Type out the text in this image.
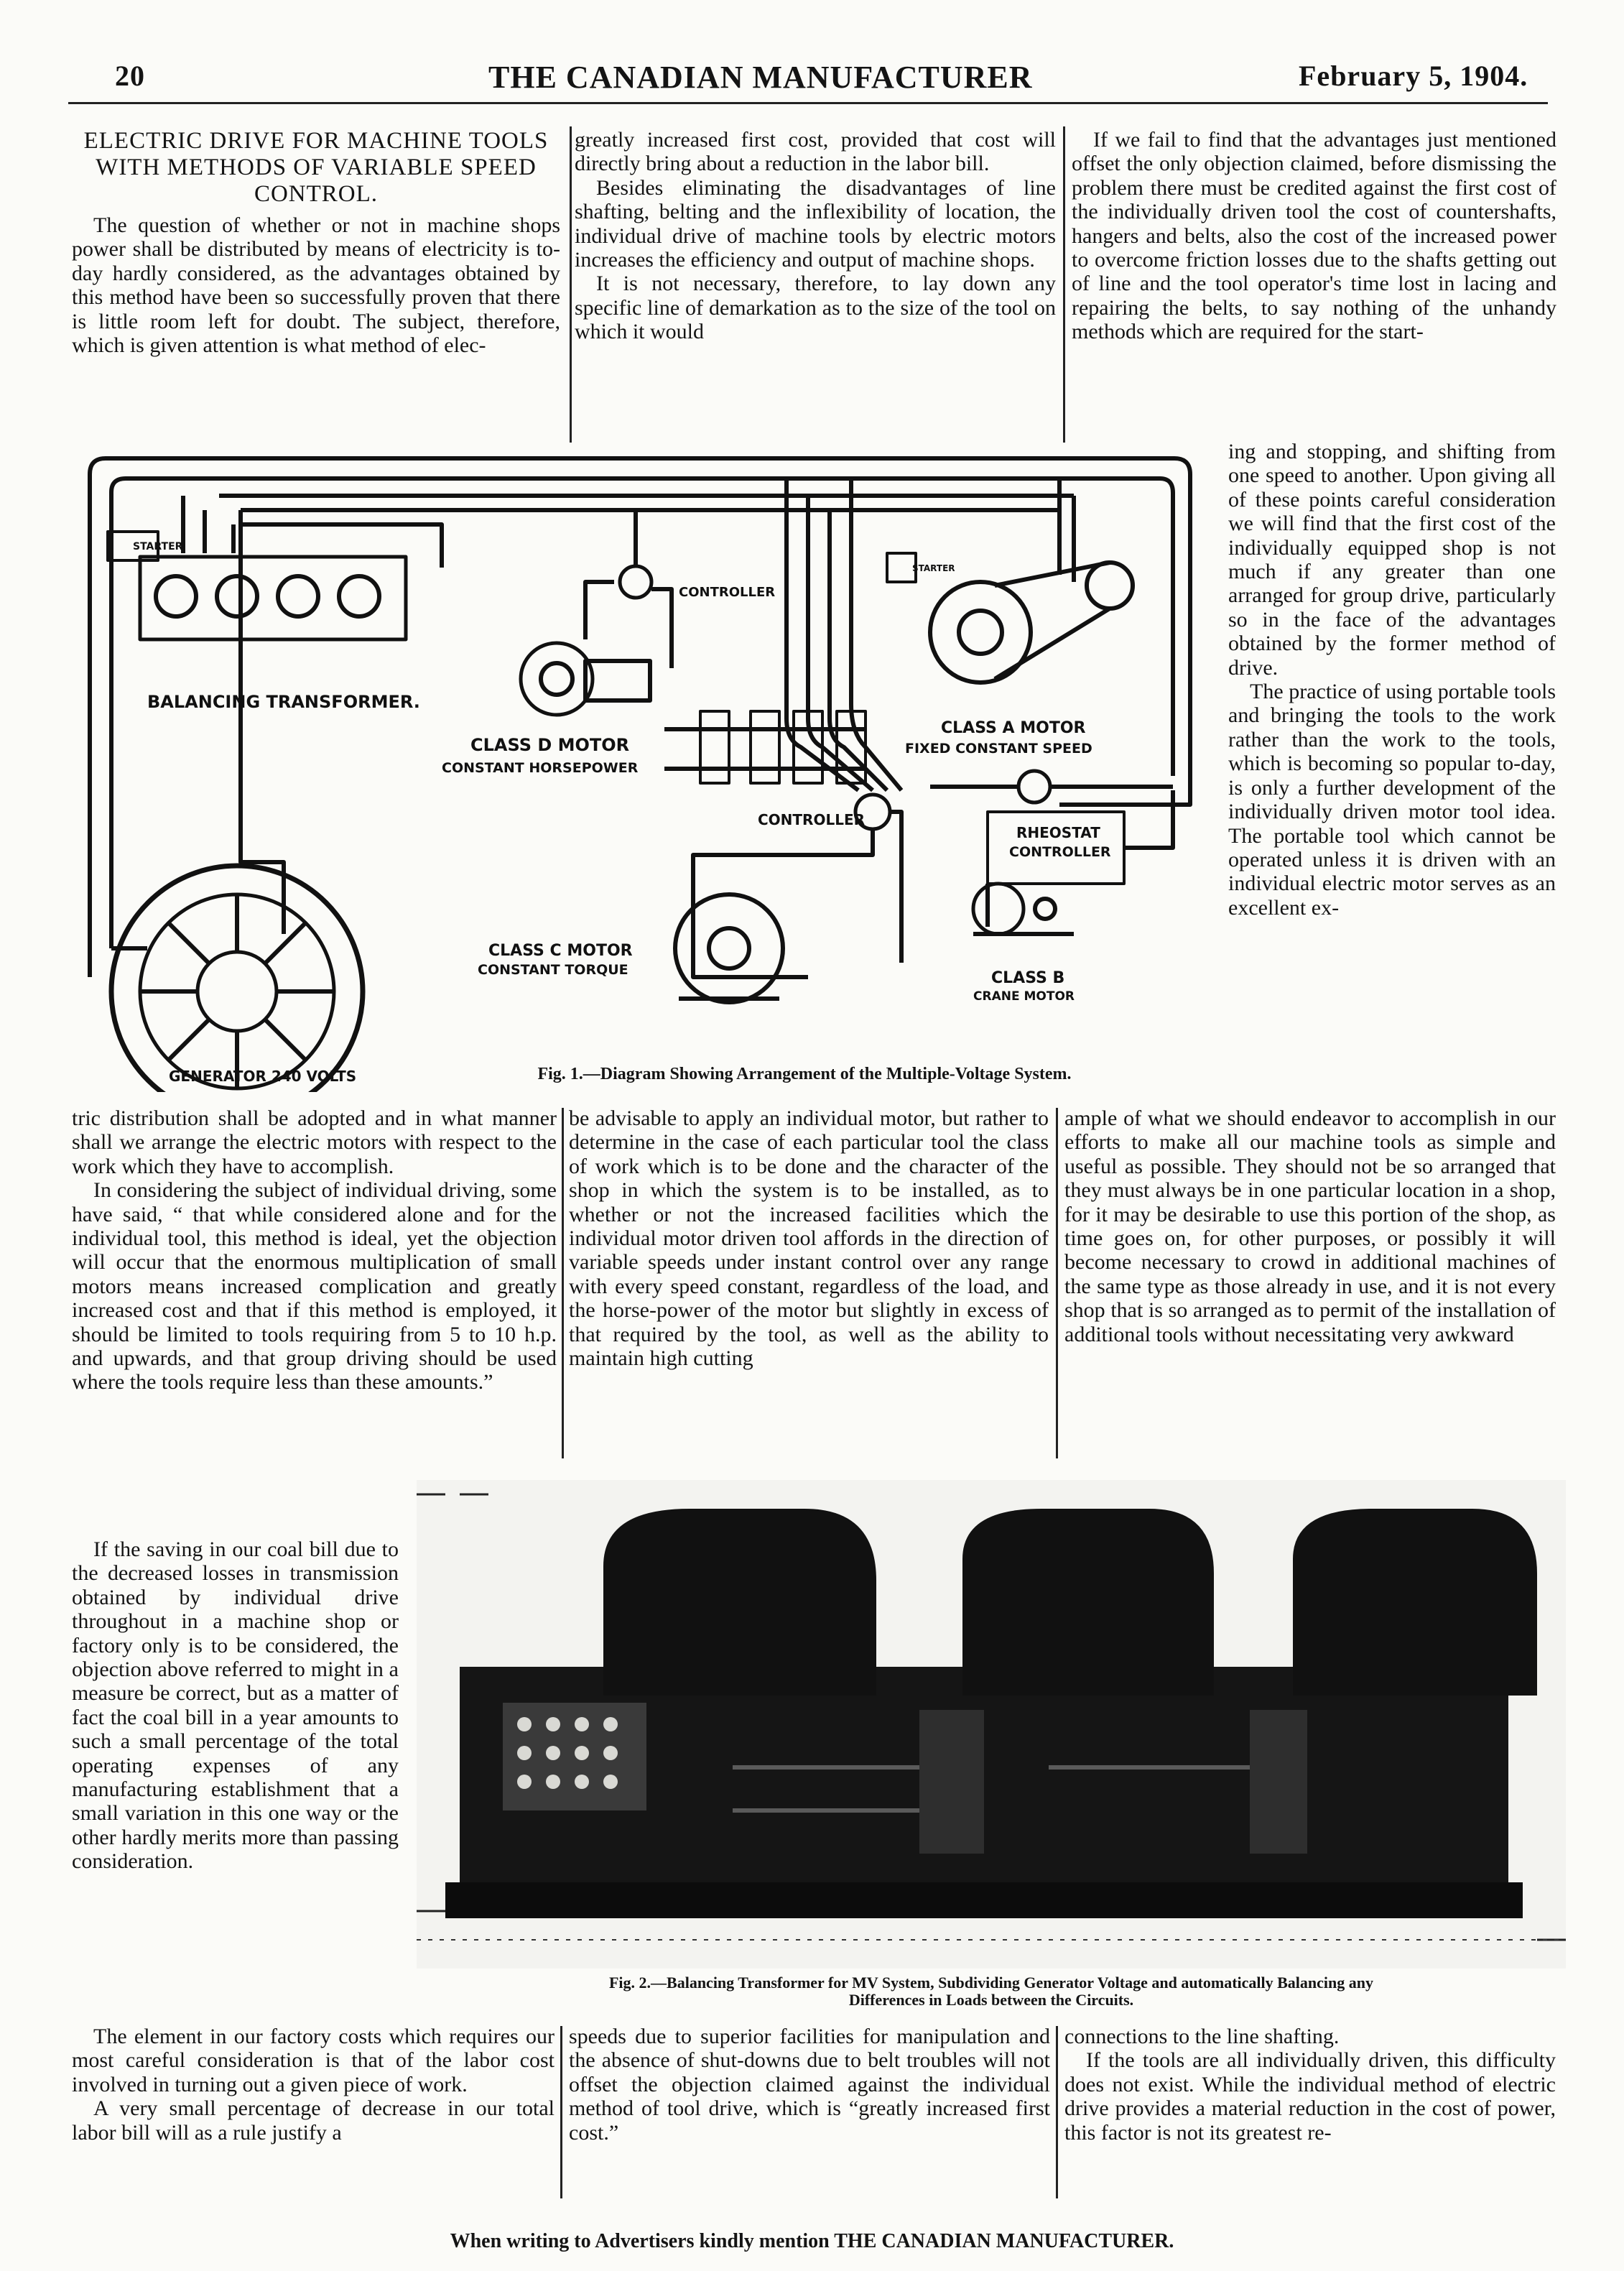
20	THE CANADIAN MANUFACTURER	February 5, 1904.
ELECTRIC DRIVE FOR MACHINE TOOLS WITH METHODS OF VARIABLE SPEED CONTROL.

The question of whether or not in machine shops power shall be distributed by means of electricity is to-day hardly considered, as the advantages obtained by this method have been so successfully proven that there is little room left for doubt. The subject, therefore, which is given attention is what method of elec-

greatly increased first cost, provided that cost will directly bring about a reduction in the labor bill.

Besides eliminating the disadvantages of line shafting, belting and the inflexibility of location, the individual drive of machine tools by electric motors increases the efficiency and output of machine shops.

It is not necessary, therefore, to lay down any specific line of demarkation as to the size of the tool on which it would

If we fail to find that the advantages just mentioned offset the only objection claimed, before dismissing the problem there must be credited against the first cost of the individually driven tool the cost of countershafts, hangers and belts, also the cost of the increased power to overcome friction losses due to the shafts getting out of line and the tool operator's time lost in lacing and repairing the belts, to say nothing of the unhandy methods which are required for the start-

ing and stopping, and shifting from one speed to another. Upon giving all of these points careful consideration we will find that the first cost of the individually equipped shop is not much if any greater than one arranged for group drive, particularly so in the face of the advantages obtained by the former method of drive.

The practice of using portable tools and bringing the tools to the work rather than the work to the tools, which is becoming so popular to-day, is only a further development of the individually driven motor tool idea. The portable tool which cannot be operated unless it is driven with an individual electric motor serves as an excellent ex-

STARTER
BALANCING TRANSFORMER.
CONTROLLER
STARTER
CLASS D MOTOR
CONSTANT HORSEPOWER
CLASS A MOTOR
FIXED CONSTANT SPEED
CONTROLLER
RHEOSTAT
CONTROLLER
CLASS C MOTOR
CONSTANT TORQUE	CLASS B
CRANE MOTOR
GENERATOR 240 VOLTS	Fig. 1.—Diagram Showing Arrangement of the Multiple-Voltage System.

tric distribution shall be adopted and in what manner shall we arrange the electric motors with respect to the work which they have to accomplish.

In considering the subject of individual driving, some have said, “ that while considered alone and for the individual tool, this method is ideal, yet the objection will occur that the enormous multiplication of small motors means increased complication and greatly increased cost and that if this method is employed, it should be limited to tools requiring from 5 to 10 h.p. and upwards, and that group driving should be used where the tools require less than these amounts.”

If the saving in our coal bill due to the decreased losses in transmission obtained by individual drive throughout in a machine shop or factory only is to be considered, the objection above referred to might in a measure be correct, but as a matter of fact the coal bill in a year amounts to such a small percentage of the total operating expenses of any manufacturing establishment that a small variation in this one way or the other hardly merits more than passing consideration.

be advisable to apply an individual motor, but rather to determine in the case of each particular tool the class of work which is to be done and the character of the shop in which the system is to be installed, as to whether or not the increased facilities which the individual motor driven tool affords in the direction of variable speeds under instant control over any range with every speed constant, regardless of the load, and the horse-power of the motor but slightly in excess of that required by the tool, as well as the ability to maintain high cutting

ample of what we should endeavor to accomplish in our efforts to make all our machine tools as simple and useful as possible. They should not be so arranged that they must always be in one particular location in a shop, for it may be desirable to use this portion of the shop, as time goes on, for other purposes, or possibly it will become necessary to crowd in additional machines of the same type as those already in use, and it is not every shop that is so arranged as to permit of the installation of additional tools without necessitating very awkward

Fig. 2.—Balancing Transformer for MV System, Subdividing Generator Voltage and automatically Balancing any
Differences in Loads between the Circuits.

The element in our factory costs which requires our most careful consideration is that of the labor cost involved in turning out a given piece of work.

A very small percentage of decrease in our total labor bill will as a rule justify a

speeds due to superior facilities for manipulation and the absence of shut-downs due to belt troubles will not offset the objection claimed against the individual method of tool drive, which is “greatly increased first cost.”

connections to the line shafting.

If the tools are all individually driven, this difficulty does not exist. While the individual method of electric drive provides a material reduction in the cost of power, this factor is not its greatest re-

When writing to Advertisers kindly mention THE CANADIAN MANUFACTURER.
